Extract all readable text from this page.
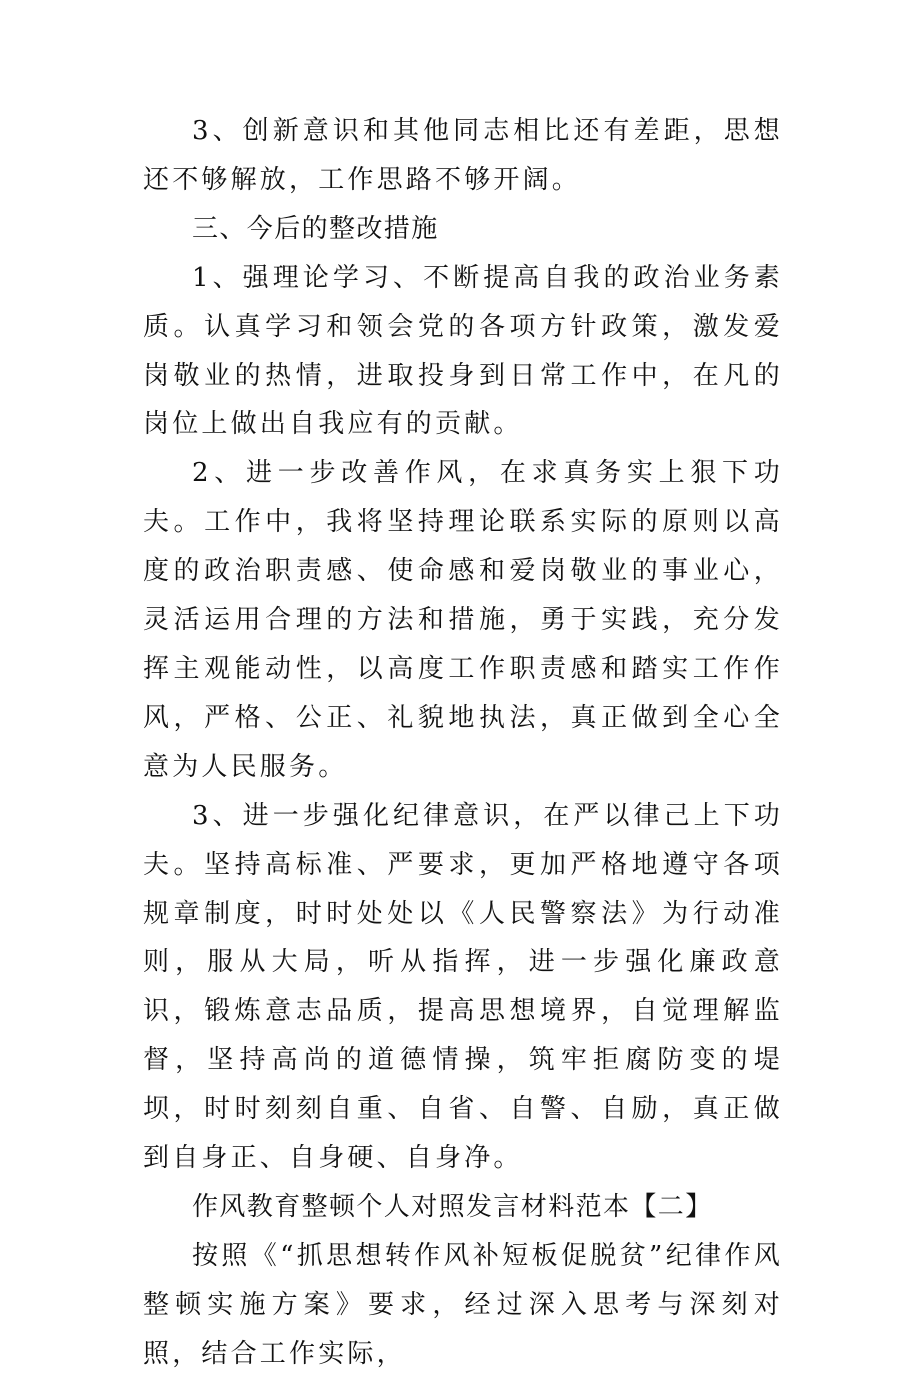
3、创新意识和其他同志相比还有差距，思想还不够解放，工作思路不够开阔。

三、今后的整改措施

1、强理论学习、不断提高自我的政治业务素质。认真学习和领会党的各项方针政策，激发爱岗敬业的热情，进取投身到日常工作中，在凡的岗位上做出自我应有的贡献。

2、进一步改善作风，在求真务实上狠下功夫。工作中，我将坚持理论联系实际的原则以高度的政治职责感、使命感和爱岗敬业的事业心，灵活运用合理的方法和措施，勇于实践，充分发挥主观能动性，以高度工作职责感和踏实工作作风，严格、公正、礼貌地执法，真正做到全心全意为人民服务。

3、进一步强化纪律意识，在严以律己上下功夫。坚持高标准、严要求，更加严格地遵守各项规章制度，时时处处以《人民警察法》为行动准则，服从大局，听从指挥，进一步强化廉政意识，锻炼意志品质，提高思想境界，自觉理解监督，坚持高尚的道德情操，筑牢拒腐防变的堤坝，时时刻刻自重、自省、自警、自励，真正做到自身正、自身硬、自身净。

作风教育整顿个人对照发言材料范本【二】

按照《“抓思想转作风补短板促脱贫”纪律作风整顿实施方案》要求，经过深入思考与深刻对照，结合工作实际，
